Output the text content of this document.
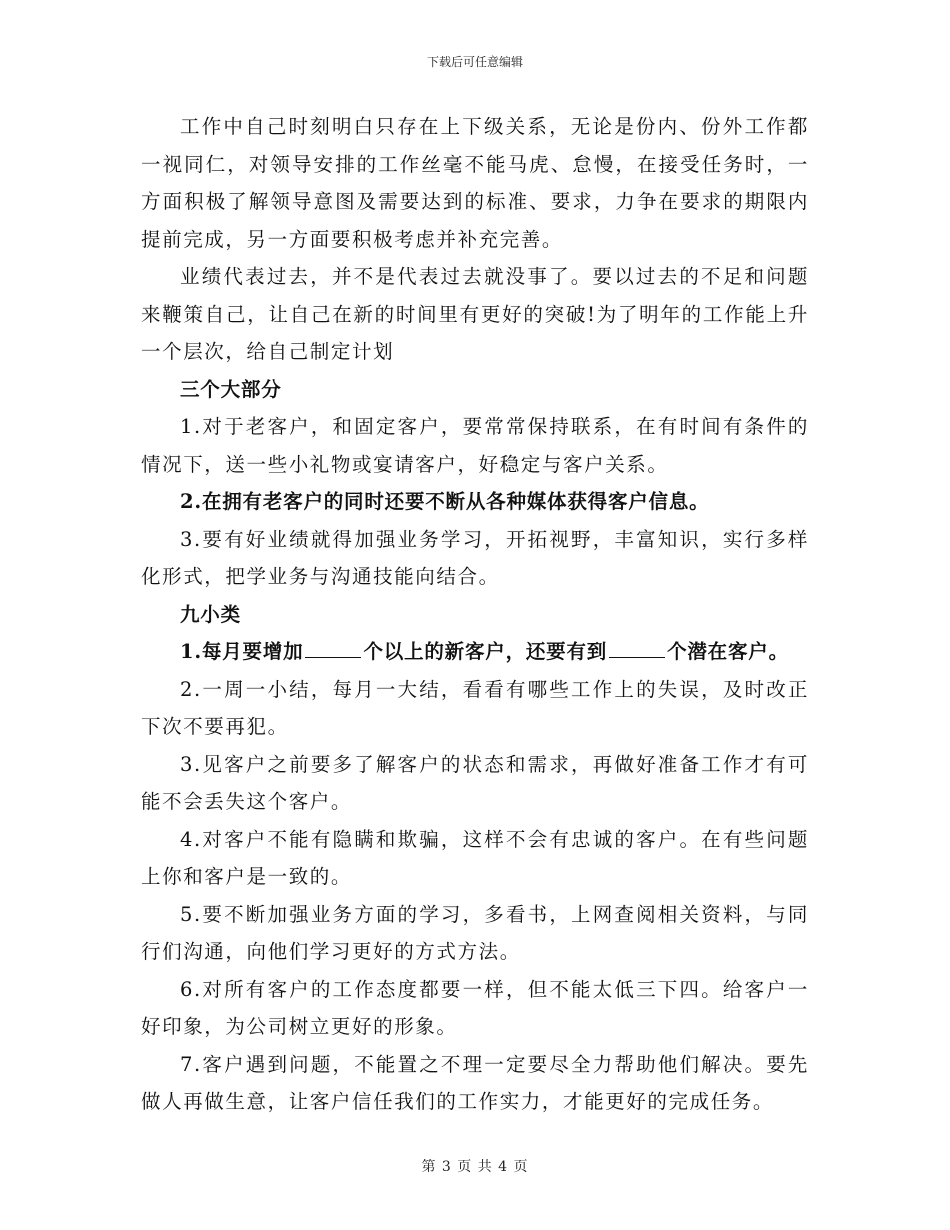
下载后可任意编辑

工作中自己时刻明白只存在上下级关系，无论是份内、份外工作都一视同仁，对领导安排的工作丝毫不能马虎、怠慢，在接受任务时，一方面积极了解领导意图及需要达到的标准、要求，力争在要求的期限内提前完成，另一方面要积极考虑并补充完善。

业绩代表过去，并不是代表过去就没事了。要以过去的不足和问题来鞭策自己，让自己在新的时间里有更好的突破!为了明年的工作能上升一个层次，给自己制定计划

三个大部分

1.对于老客户，和固定客户，要常常保持联系，在有时间有条件的情况下，送一些小礼物或宴请客户，好稳定与客户关系。

2.在拥有老客户的同时还要不断从各种媒体获得客户信息。

3.要有好业绩就得加强业务学习，开拓视野，丰富知识，实行多样化形式，把学业务与沟通技能向结合。

九小类

1.每月要增加	个以上的新客户，还要有到	个潜在客户。

2.一周一小结，每月一大结，看看有哪些工作上的失误，及时改正下次不要再犯。

3.见客户之前要多了解客户的状态和需求，再做好准备工作才有可能不会丢失这个客户。

4.对客户不能有隐瞒和欺骗，这样不会有忠诚的客户。在有些问题上你和客户是一致的。

5.要不断加强业务方面的学习，多看书，上网查阅相关资料，与同行们沟通，向他们学习更好的方式方法。

6.对所有客户的工作态度都要一样，但不能太低三下四。给客户一好印象，为公司树立更好的形象。

7.客户遇到问题，不能置之不理一定要尽全力帮助他们解决。要先做人再做生意，让客户信任我们的工作实力，才能更好的完成任务。

第 3 页 共 4 页
